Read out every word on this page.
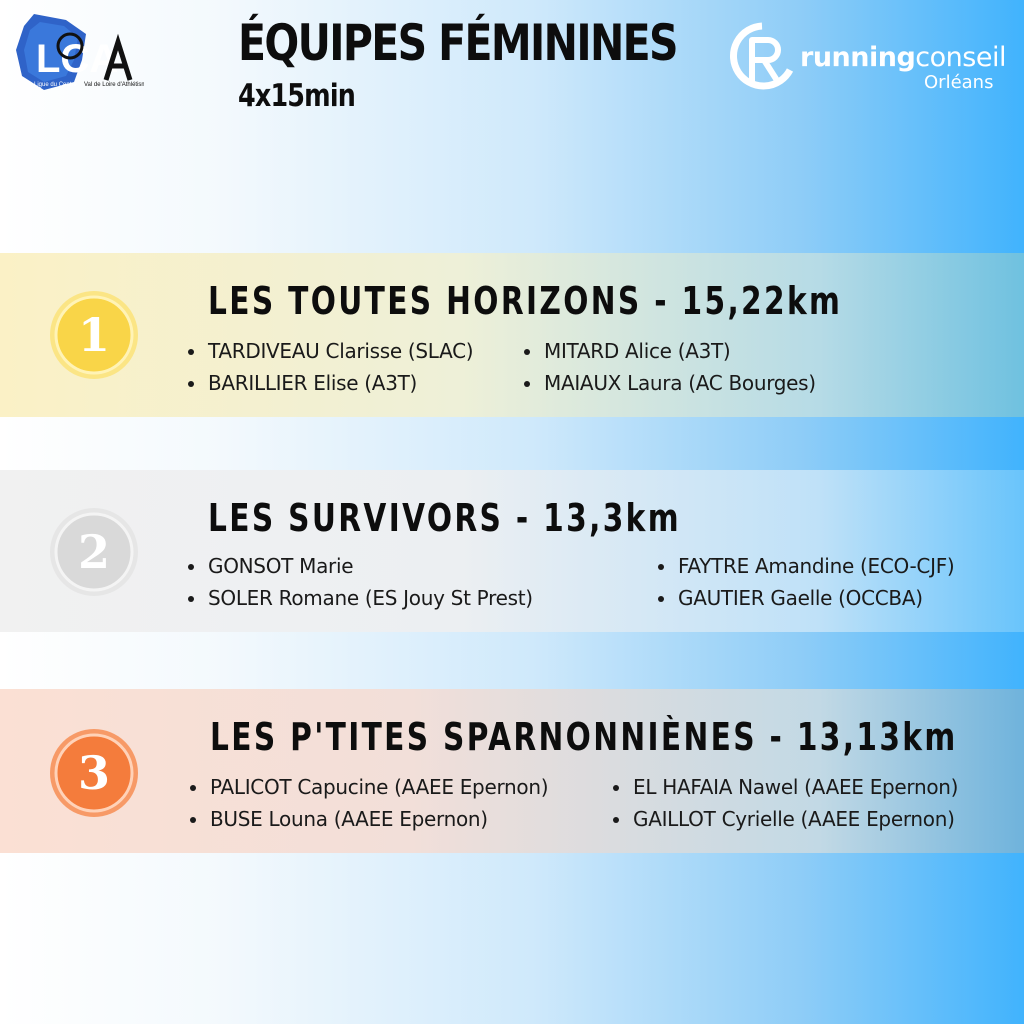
LCA
Ligue du Centre Val de Loire d'Athlétisme
ÉQUIPES FÉMININES
4x15min
runningconseil
Orléans
1
LES TOUTES HORIZONS - 15,22km
TARDIVEAU Clarisse (SLAC)
BARILLIER Elise (A3T)
MITARD Alice (A3T)
MAIAUX Laura (AC Bourges)
2
LES SURVIVORS - 13,3km
GONSOT Marie
SOLER Romane (ES Jouy St Prest)
FAYTRE Amandine (ECO-CJF)
GAUTIER Gaelle (OCCBA)
3
LES P'TITES SPARNONNIÈNES - 13,13km
PALICOT Capucine (AAEE Epernon)
BUSE Louna (AAEE Epernon)
EL HAFAIA Nawel (AAEE Epernon)
GAILLOT Cyrielle (AAEE Epernon)
